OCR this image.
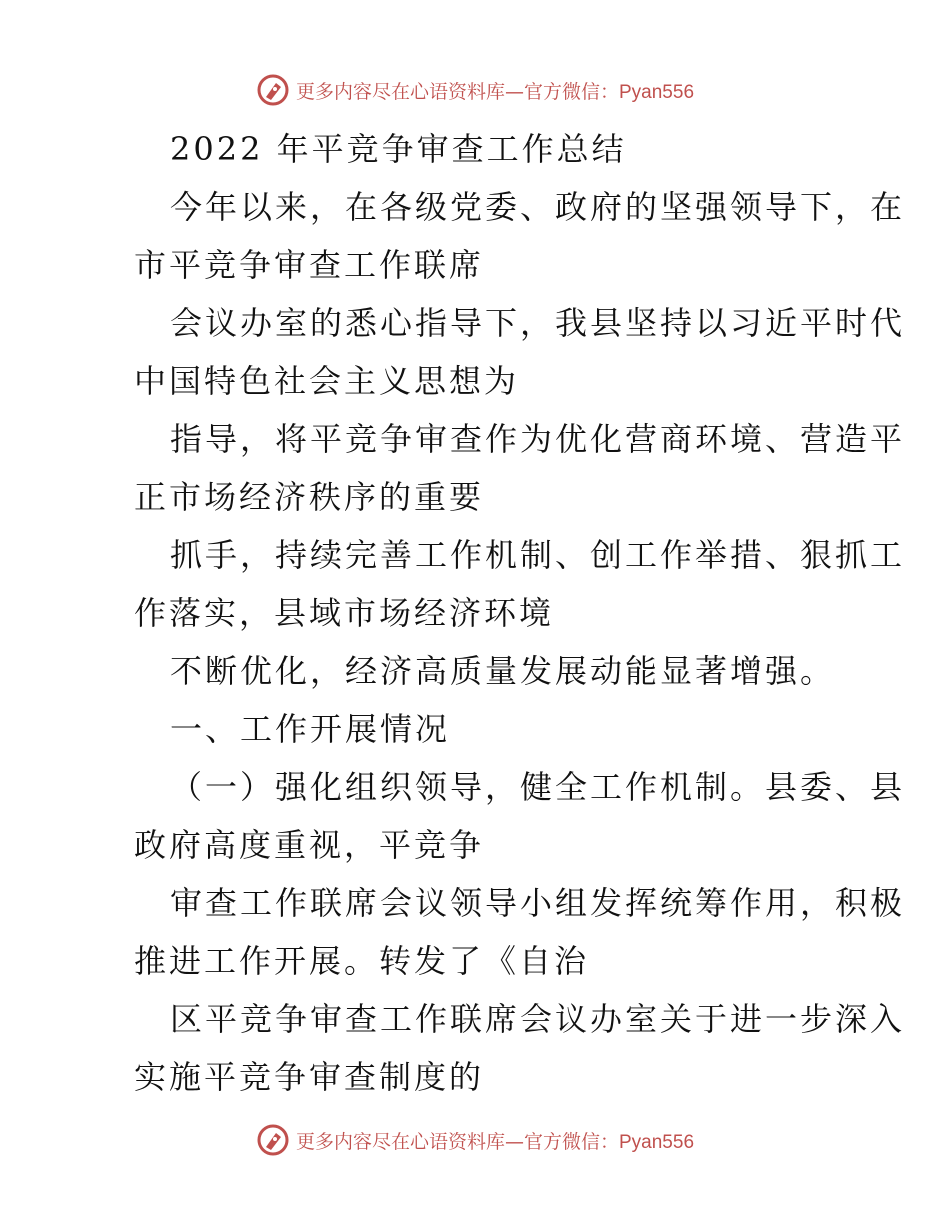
更多内容尽在心语资料库—官方微信：Pyan556
2022 年平竞争审查工作总结
今年以来，在各级党委、政府的坚强领导下，在
市平竞争审查工作联席
会议办室的悉心指导下，我县坚持以习近平时代
中国特色社会主义思想为
指导，将平竞争审查作为优化营商环境、营造平
正市场经济秩序的重要
抓手，持续完善工作机制、创工作举措、狠抓工
作落实，县域市场经济环境
不断优化，经济高质量发展动能显著增强。
一、工作开展情况
（一）强化组织领导，健全工作机制。县委、县
政府高度重视，平竞争
审查工作联席会议领导小组发挥统筹作用，积极
推进工作开展。转发了《自治
区平竞争审查工作联席会议办室关于进一步深入
实施平竞争审查制度的
更多内容尽在心语资料库—官方微信：Pyan556
